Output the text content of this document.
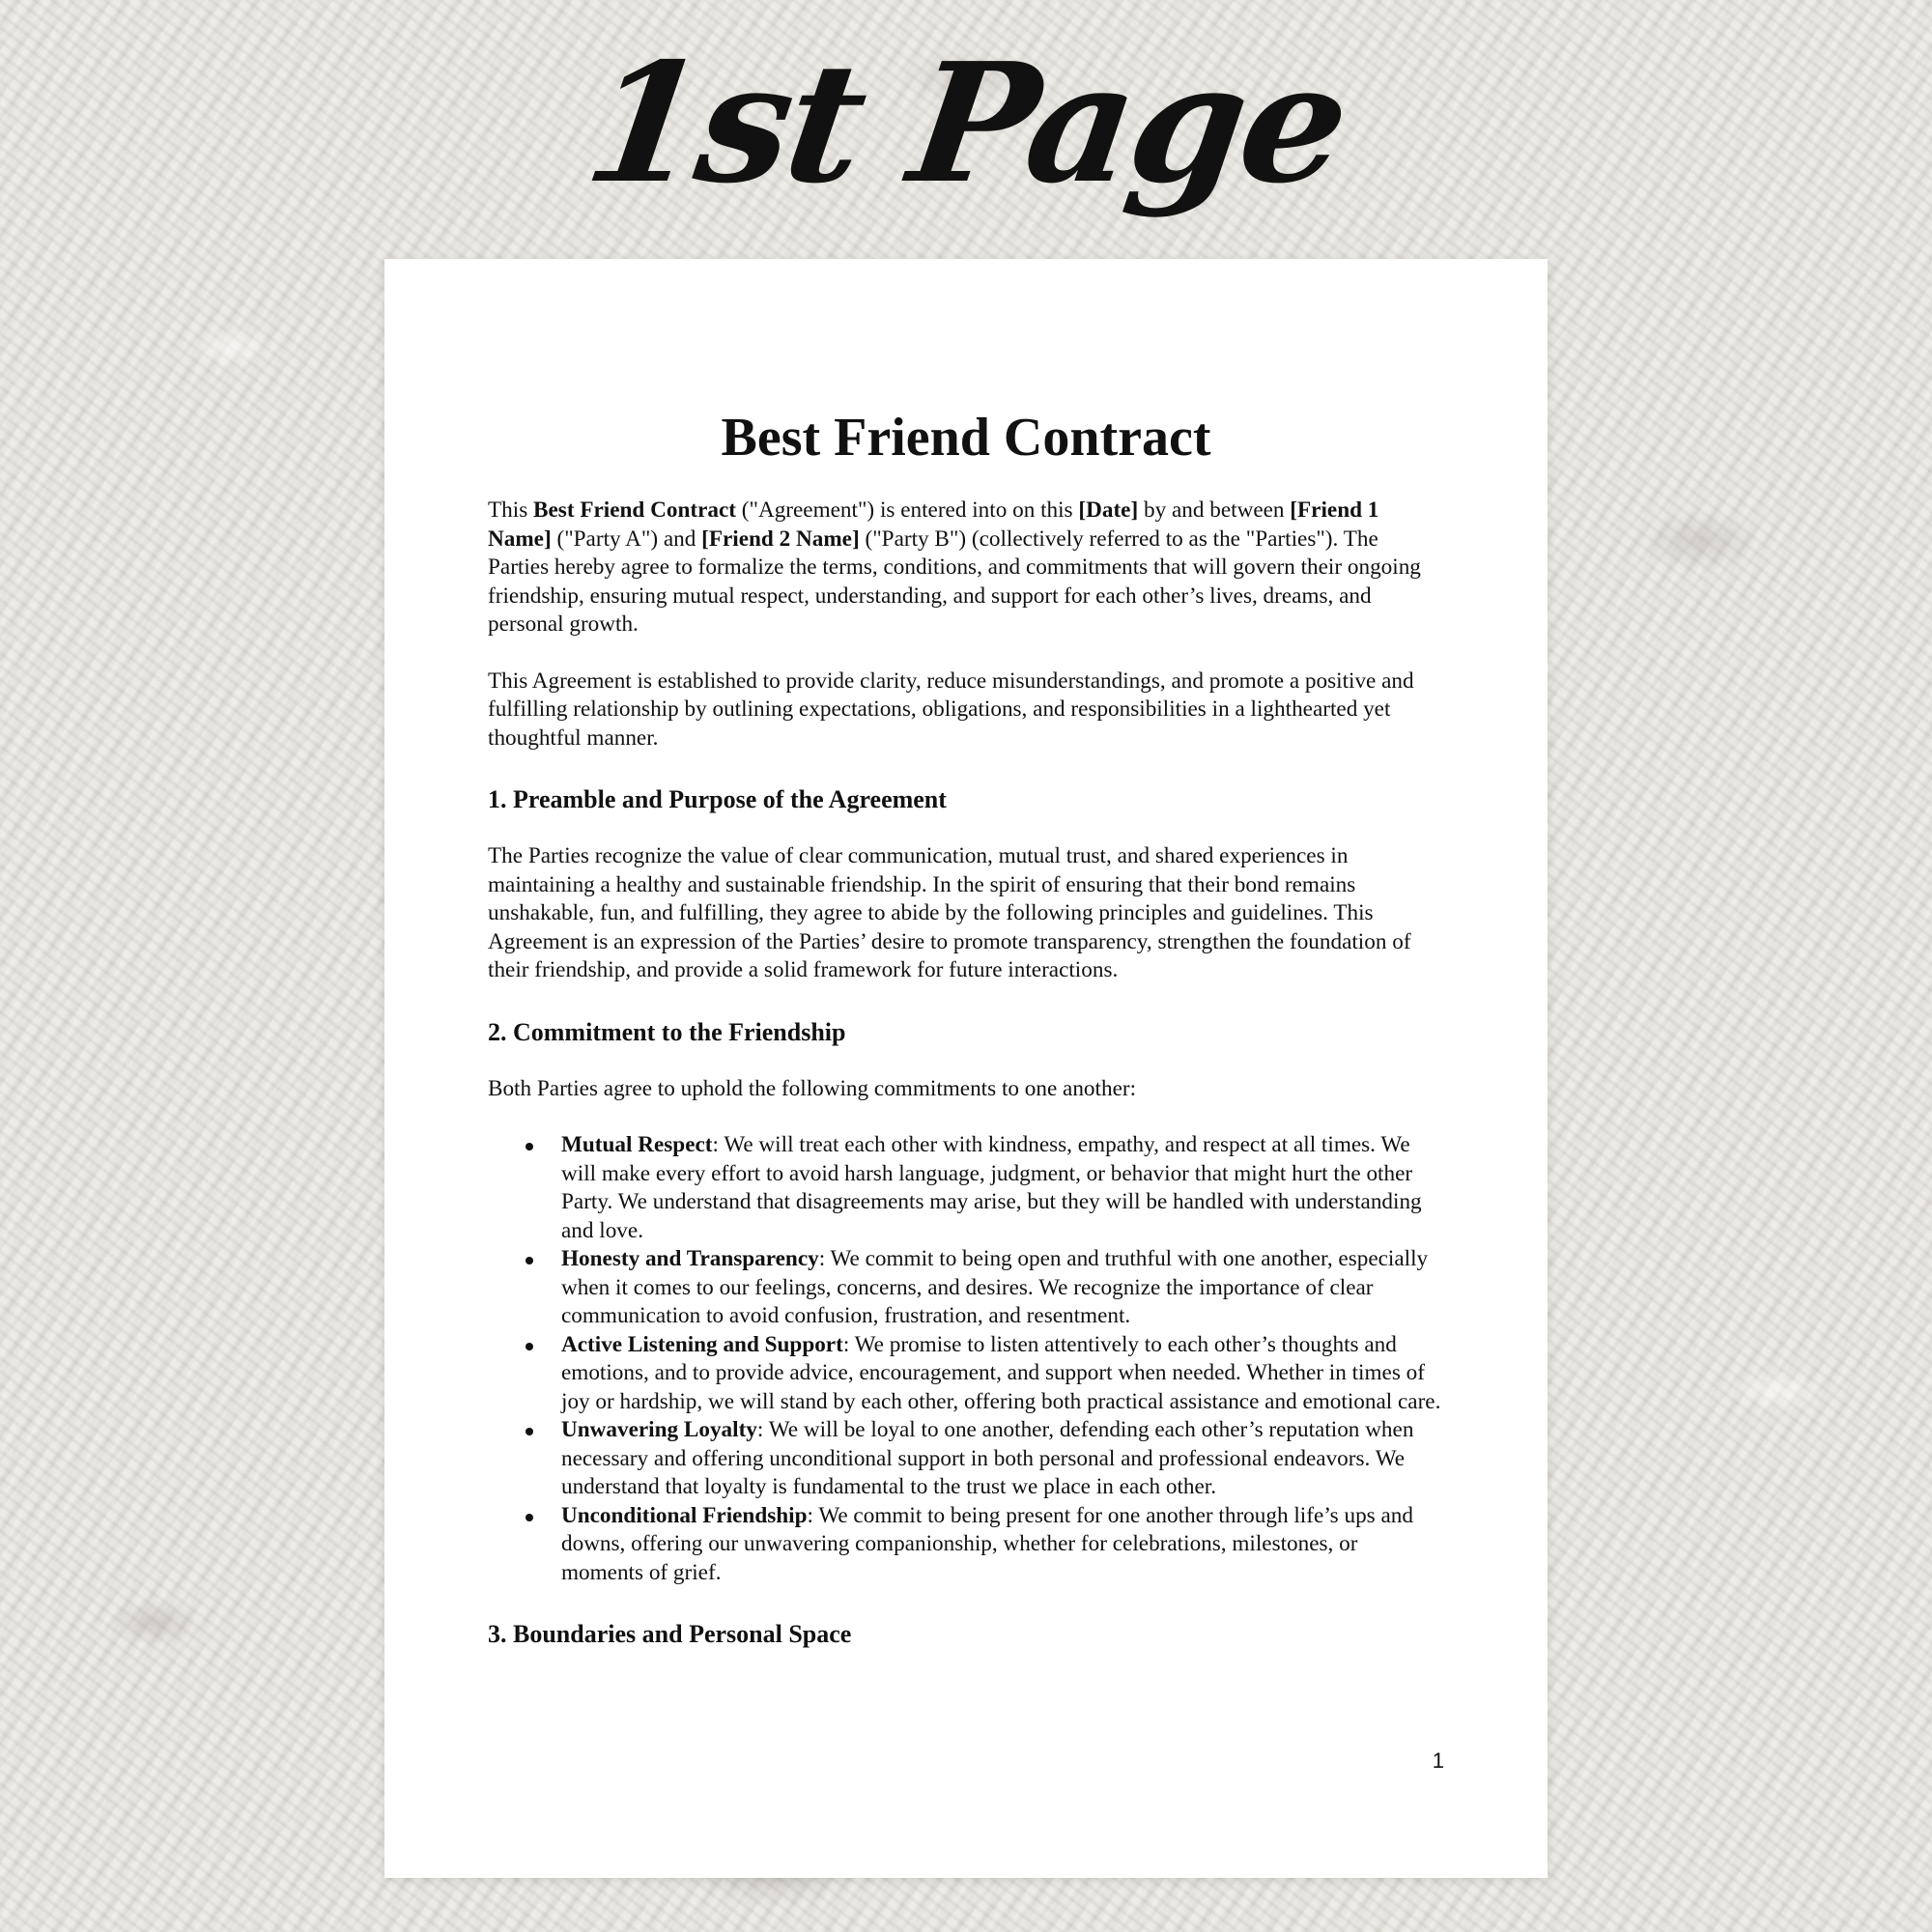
1st Page
Best Friend Contract

This Best Friend Contract ("Agreement") is entered into on this [Date] by and between [Friend 1 Name] ("Party A") and [Friend 2 Name] ("Party B") (collectively referred to as the "Parties"). The Parties hereby agree to formalize the terms, conditions, and commitments that will govern their ongoing friendship, ensuring mutual respect, understanding, and support for each other’s lives, dreams, and personal growth.

This Agreement is established to provide clarity, reduce misunderstandings, and promote a positive and fulfilling relationship by outlining expectations, obligations, and responsibilities in a lighthearted yet thoughtful manner.

1. Preamble and Purpose of the Agreement

The Parties recognize the value of clear communication, mutual trust, and shared experiences in maintaining a healthy and sustainable friendship. In the spirit of ensuring that their bond remains unshakable, fun, and fulfilling, they agree to abide by the following principles and guidelines. This Agreement is an expression of the Parties’ desire to promote transparency, strengthen the foundation of their friendship, and provide a solid framework for future interactions.

2. Commitment to the Friendship

Both Parties agree to uphold the following commitments to one another:

Mutual Respect: We will treat each other with kindness, empathy, and respect at all times. We will make every effort to avoid harsh language, judgment, or behavior that might hurt the other Party. We understand that disagreements may arise, but they will be handled with understanding and love.
Honesty and Transparency: We commit to being open and truthful with one another, especially when it comes to our feelings, concerns, and desires. We recognize the importance of clear communication to avoid confusion, frustration, and resentment.
Active Listening and Support: We promise to listen attentively to each other’s thoughts and emotions, and to provide advice, encouragement, and support when needed. Whether in times of joy or hardship, we will stand by each other, offering both practical assistance and emotional care.
Unwavering Loyalty: We will be loyal to one another, defending each other’s reputation when necessary and offering unconditional support in both personal and professional endeavors. We understand that loyalty is fundamental to the trust we place in each other.
Unconditional Friendship: We commit to being present for one another through life’s ups and downs, offering our unwavering companionship, whether for celebrations, milestones, or moments of grief.
3. Boundaries and Personal Space
1
